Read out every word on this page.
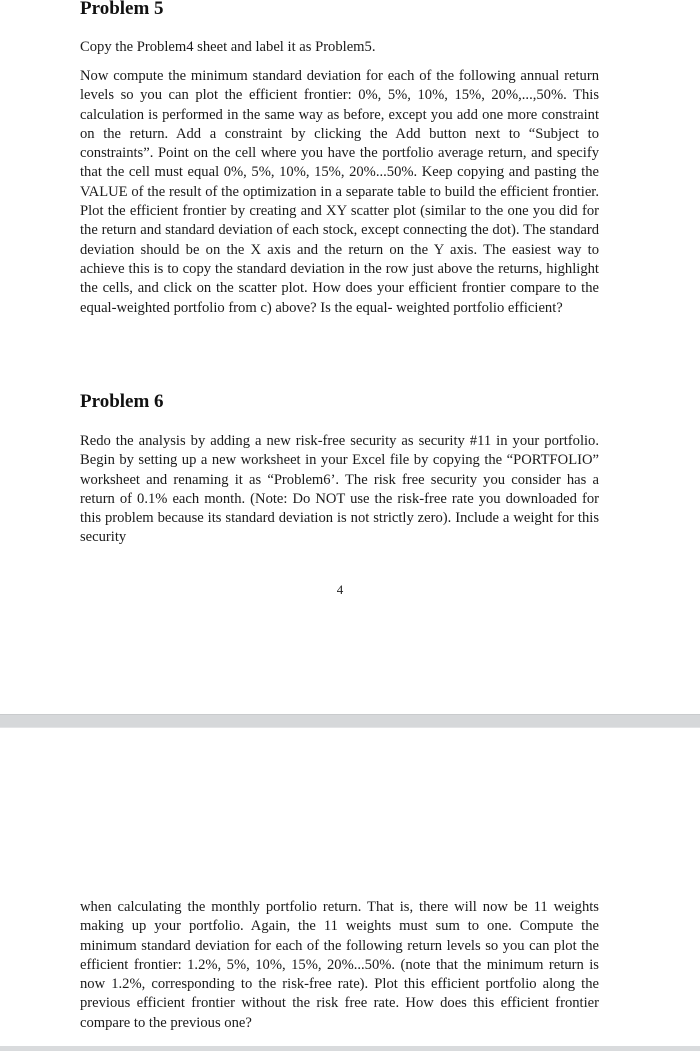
Problem 5

Copy the Problem4 sheet and label it as Problem5.

Now compute the minimum standard deviation for each of the following annual return levels so you can plot the efficient frontier: 0%, 5%, 10%, 15%, 20%,...,50%. This calculation is performed in the same way as before, except you add one more constraint on the return. Add a constraint by clicking the Add button next to “Subject to constraints”. Point on the cell where you have the portfolio average return, and specify that the cell must equal 0%, 5%, 10%, 15%, 20%...50%. Keep copying and pasting the VALUE of the result of the optimization in a separate table to build the efficient frontier. Plot the efficient frontier by creating and XY scatter plot (similar to the one you did for the return and standard deviation of each stock, except connecting the dot). The standard deviation should be on the X axis and the return on the Y axis. The easiest way to achieve this is to copy the standard deviation in the row just above the returns, highlight the cells, and click on the scatter plot. How does your efficient frontier compare to the equal-weighted portfolio from c) above? Is the equal- weighted portfolio efficient?

Problem 6

Redo the analysis by adding a new risk-free security as security #11 in your portfolio. Begin by setting up a new worksheet in your Excel file by copying the “PORTFOLIO” worksheet and renaming it as “Problem6’. The risk free security you consider has a return of 0.1% each month. (Note: Do NOT use the risk-free rate you downloaded for this problem because its standard deviation is not strictly zero). Include a weight for this security

4

when calculating the monthly portfolio return. That is, there will now be 11 weights making up your portfolio. Again, the 11 weights must sum to one. Compute the minimum standard deviation for each of the following return levels so you can plot the efficient frontier: 1.2%, 5%, 10%, 15%, 20%...50%. (note that the minimum return is now 1.2%, corresponding to the risk-free rate). Plot this efficient portfolio along the previous efficient frontier without the risk free rate. How does this efficient frontier compare to the previous one?
